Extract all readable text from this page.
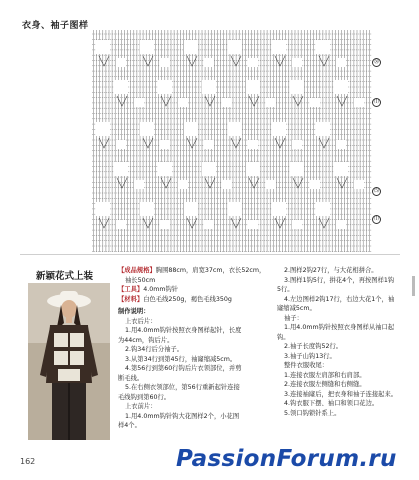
衣身、袖子图样
㊿
⑴
⑸
⑴
新颖花式上装

【成品规格】胸围88cm，肩宽37cm，衣长52cm，

袖长50cm

【工具】4.0mm钩针

【材料】白色毛线250g，褐色毛线350g

制作说明：

上衣后片：

1.用4.0mm钩针按照衣身图样起针，长度

为44cm，钩后片。

2.钩34行后分袖子。

3.从第34行到第45行，袖窿缩减5cm。

4.第56行到第60行钩后片衣领部位，并剪

断毛线。

5.在右侧衣领部位，第56行重新起针连接

毛线钩到第60行。

上衣前片：

1.用4.0mm钩针钩大花图样2个，小花图

样4个。

2.图样2钩27行，与大花相拼合。

3.图样1钩5行，拼花4个，再按图样1钩

5行。

4.左边图样2钩17行，右边大花1个，袖

窿缩减5cm。

袖子：

1.用4.0mm钩针按照衣身图样从袖口起

钩。

2.袖子长度钩52行。

3.袖子山钩13行。

整件衣服收尾：

1.连接衣服左肩部和右肩部。

2.连接衣服左侧缝和右侧缝。

3.连接袖窿后，把衣身和袖子连接起来。

4.钩衣服下摆、袖口和领口花边。

5.领口钩锁针系上。

162	PassionForum.ru
